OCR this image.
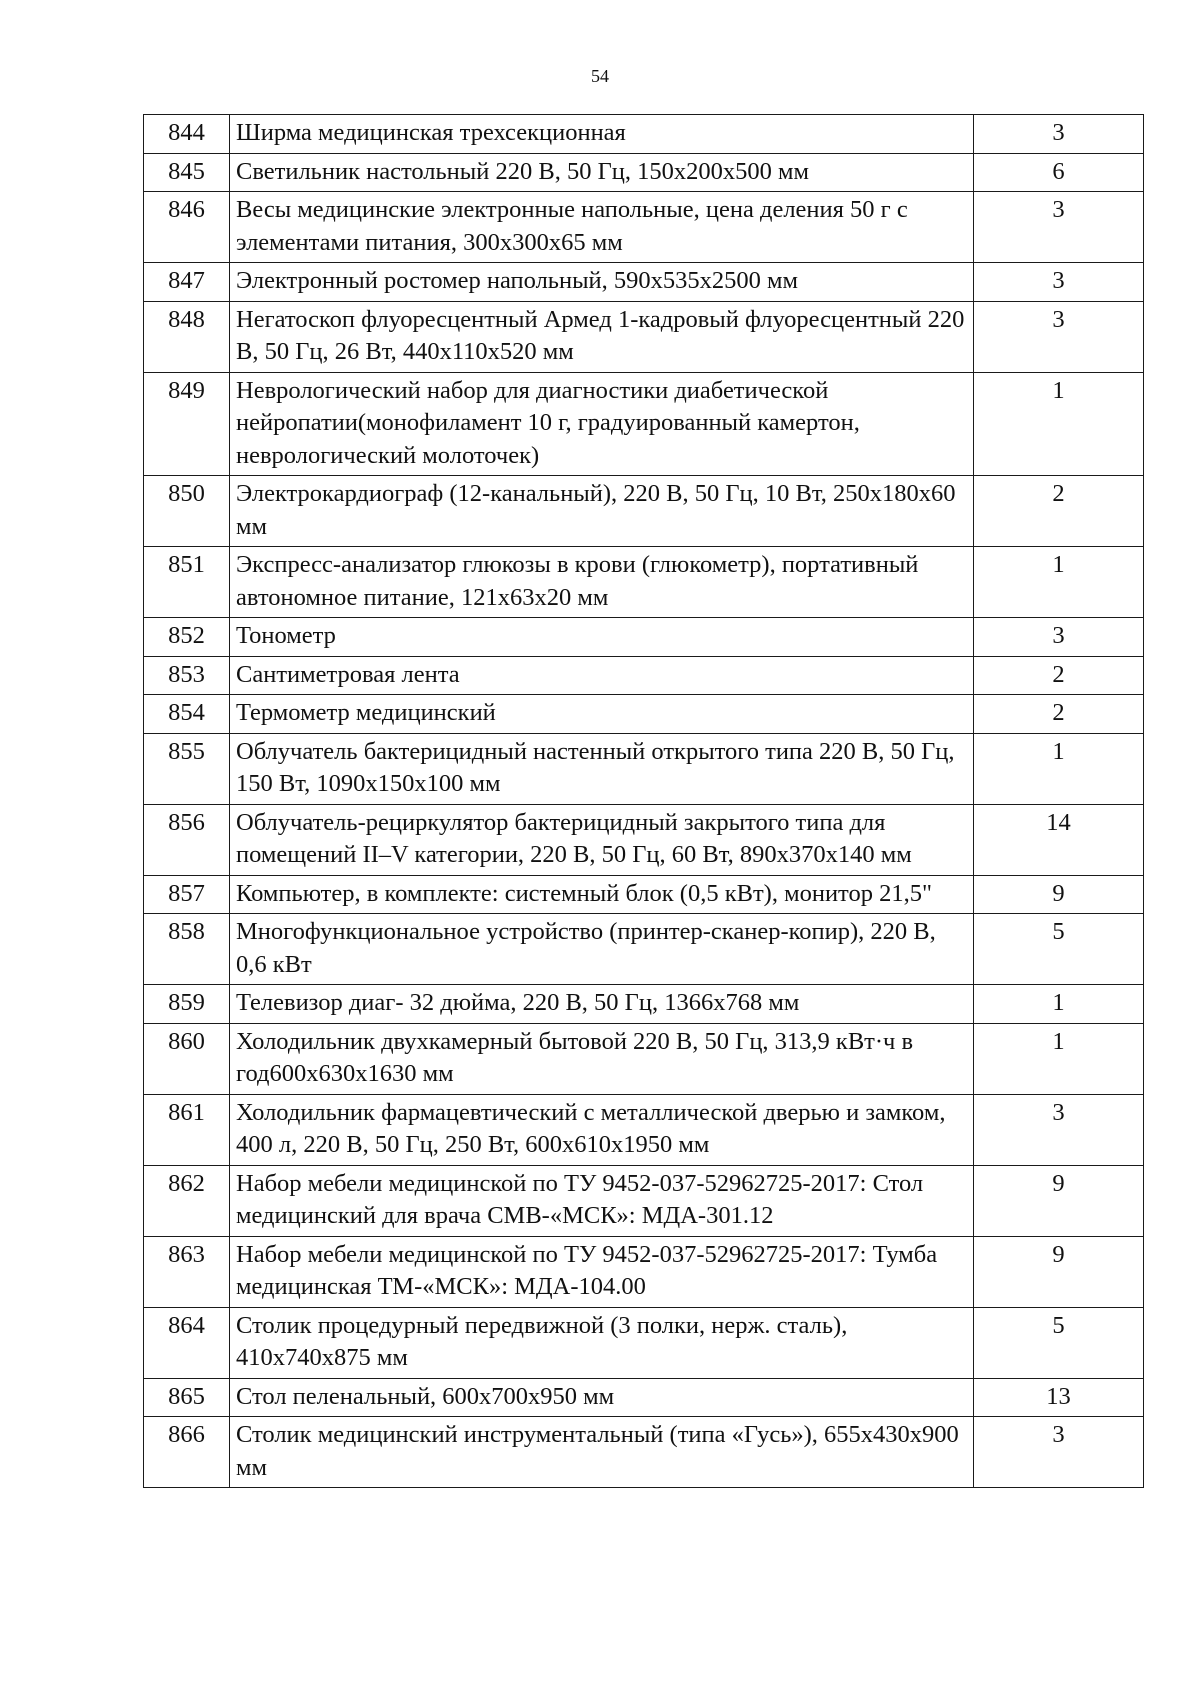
54
844	Ширма медицинская трехсекционная	3
845	Светильник настольный 220 В, 50 Гц, 150х200х500 мм	6
846	Весы медицинские электронные напольные, цена деления 50 г с элементами питания, 300х300х65 мм	3
847	Электронный ростомер напольный, 590х535х2500 мм	3
848	Негатоскоп флуоресцентный Армед 1-кадровый флуоресцентный 220 В, 50 Гц, 26 Вт, 440х110х520 мм	3
849	Неврологический набор для диагностики диабетической нейропатии(монофиламент 10 г, градуированный камертон, неврологический молоточек)	1
850	Электрокардиограф (12-канальный), 220 В, 50 Гц, 10 Вт, 250х180х60 мм	2
851	Экспресс-анализатор глюкозы в крови (глюкометр), портативный автономное питание, 121х63х20 мм	1
852	Тонометр	3
853	Сантиметровая лента	2
854	Термометр медицинский	2
855	Облучатель бактерицидный настенный открытого типа 220 В, 50 Гц, 150 Вт, 1090х150х100 мм	1
856	Облучатель-рециркулятор бактерицидный закрытого типа для помещений II–V категории, 220 В, 50 Гц, 60 Вт, 890х370х140 мм	14
857	Компьютер, в комплекте: системный блок (0,5 кВт), монитор 21,5"	9
858	Многофункциональное устройство (принтер-сканер-копир), 220 В, 0,6 кВт	5
859	Телевизор диаг- 32 дюйма, 220 В, 50 Гц, 1366х768 мм	1
860	Холодильник двухкамерный бытовой 220 В, 50 Гц, 313,9 кВт·ч в год600х630х1630 мм	1
861	Холодильник фармацевтический с металлической дверью и замком, 400 л, 220 В, 50 Гц, 250 Вт, 600х610х1950 мм	3
862	Набор мебели медицинской по ТУ 9452-037-52962725-2017: Стол медицинский для врача СМВ-«МСК»: МДА-301.12	9
863	Набор мебели медицинской по ТУ 9452-037-52962725-2017: Тумба медицинская ТМ-«МСК»: МДА-104.00	9
864	Столик процедурный передвижной (3 полки, нерж. сталь), 410х740х875 мм	5
865	Стол пеленальный, 600х700х950 мм	13
866	Столик медицинский инструментальный (типа «Гусь»), 655х430х900 мм	3
